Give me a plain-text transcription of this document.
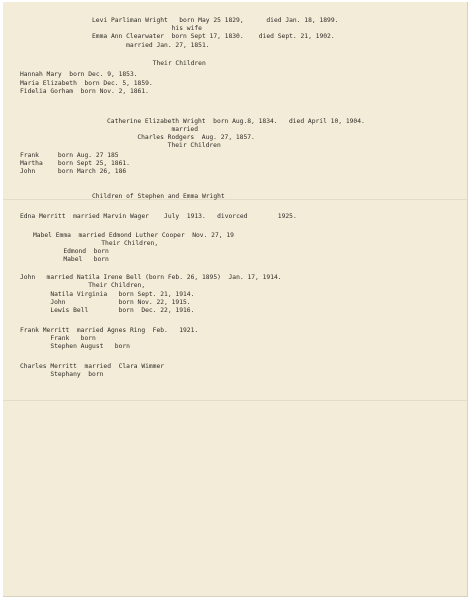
Levi Parliman Wright   born May 25 1829,      died Jan. 18, 1899.
his wife
Emma Ann Clearwater  born Sept 17, 1830.    died Sept. 21, 1902.
married Jan. 27, 1851.
Their Children
Hannah Mary  born Dec. 9, 1853.
Maria Elizabeth  born Dec. 5, 1859.
Fidelia Gorham  born Nov. 2, 1861.
Catherine Elizabeth Wright  born Aug.8, 1834.   died April 10, 1904.
married
Charles Rodgers  Aug. 27, 1857.
Their Children
Frank     born Aug. 27 185
Martha    born Sept 25, 1861.
John      born March 26, 186
Children of Stephen and Emma Wright
Edna Merritt  married Marvin Wager    July  1913.   divorced        1925.
Mabel Emma  married Edmond Luther Cooper  Nov. 27, 19
Their Children,
Edmond  born
Mabel   born
John   married Natila Irene Bell (born Feb. 26, 1895)  Jan. 17, 1914.
Their Children,
Natila Virginia   born Sept. 21, 1914.
John              born Nov. 22, 1915.
Lewis Bell        born  Dec. 22, 1916.
Frank Merritt  married Agnes Ring  Feb.   1921.
Frank   born
Stephen August   born
Charles Merritt  married  Clara Wimmer
Stephany  born
